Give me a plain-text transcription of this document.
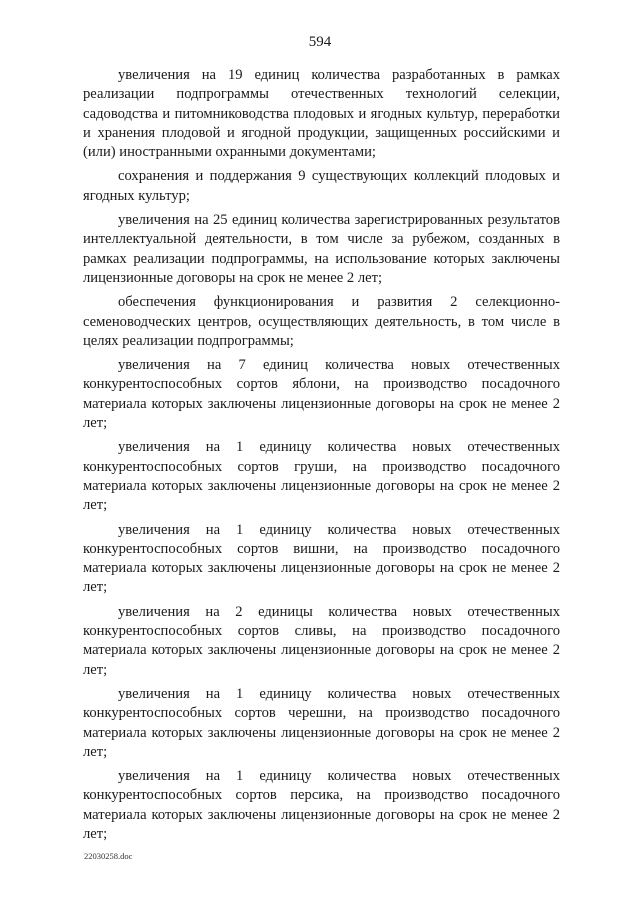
594

увеличения на 19 единиц количества разработанных в рамках реализации подпрограммы отечественных технологий селекции, садоводства и питомниководства плодовых и ягодных культур, переработки и хранения плодовой и ягодной продукции, защищенных российскими и (или) иностранными охранными документами;

сохранения и поддержания 9 существующих коллекций плодовых и ягодных культур;

увеличения на 25 единиц количества зарегистрированных результатов интеллектуальной деятельности, в том числе за рубежом, созданных в рамках реализации подпрограммы, на использование которых заключены лицензионные договоры на срок не менее 2 лет;

обеспечения функционирования и развития 2 селекционно-семеноводческих центров, осуществляющих деятельность, в том числе в целях реализации подпрограммы;

увеличения на 7 единиц количества новых отечественных конкурентоспособных сортов яблони, на производство посадочного материала которых заключены лицензионные договоры на срок не менее 2 лет;

увеличения на 1 единицу количества новых отечественных конкурентоспособных сортов груши, на производство посадочного материала которых заключены лицензионные договоры на срок не менее 2 лет;

увеличения на 1 единицу количества новых отечественных конкурентоспособных сортов вишни, на производство посадочного материала которых заключены лицензионные договоры на срок не менее 2 лет;

увеличения на 2 единицы количества новых отечественных конкурентоспособных сортов сливы, на производство посадочного материала которых заключены лицензионные договоры на срок не менее 2 лет;

увеличения на 1 единицу количества новых отечественных конкурентоспособных сортов черешни, на производство посадочного материала которых заключены лицензионные договоры на срок не менее 2 лет;

увеличения на 1 единицу количества новых отечественных конкурентоспособных сортов персика, на производство посадочного материала которых заключены лицензионные договоры на срок не менее 2 лет;

22030258.doc
